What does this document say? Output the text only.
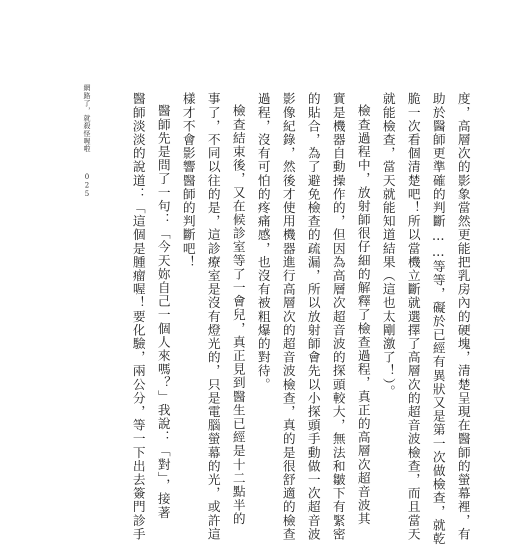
網路了，就殺怪喔啦 025	度，高層次的影象當然更能把乳房內的硬塊，清楚呈現在醫師的螢幕裡，有
助於醫師更準確的判斷……等等，礙於已經有異狀又是第一次做檢查，就乾
脆一次看個清楚吧！所以當機立斷就選擇了高層次的超音波檢查，而且當天
就能檢查，當天就能知道結果（這也太剛激了！）。
檢查過程中，放射師很仔細的解釋了檢查過程，真正的高層次超音波其
實是機器自動操作的，但因為高層次超音波的探頭較大，無法和皺下有緊密
的貼合，為了避免檢查的疏漏，所以放射師會先以小探頭手動做一次超音波
影像紀錄，然後才使用機器進行高層次的超音波檢查，真的是很舒適的檢查
過程，沒有可怕的疼痛感，也沒有被粗爆的對待。
檢查結束後，又在候診室等了一會兒，真正見到醫生已經是十二點半的
事了，不同以往的是，這診療室是沒有燈光的，只是電腦螢幕的光，或許這
樣才不會影響醫師的判斷吧！
醫師先是問了一句：「今天妳自己一個人來嗎？」我說：「對」，接著
醫師淡淡的說道：「這個是腫瘤喔！要化驗，兩公分，等一下出去簽門診手
